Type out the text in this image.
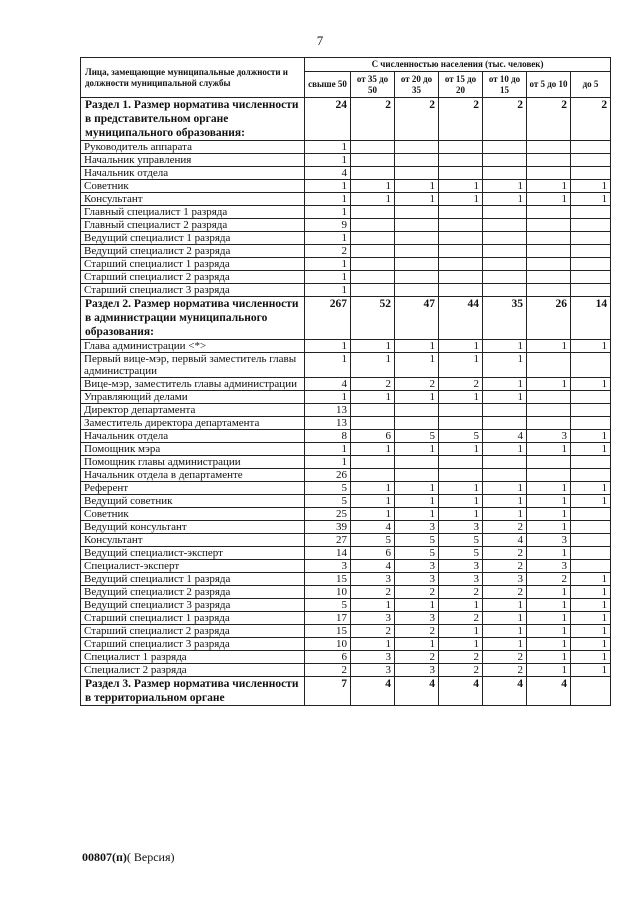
7
Лица, замещающие муниципальные должности и должности муниципальной службы	С численностью населения (тыс. человек)						
	свыше 50	от 35 до 50	от 20 до 35	от 15 до 20	от 10 до 15	от 5 до 10	до 5
Раздел 1. Размер норматива численности в представительном органе муниципального образования:	24	2	2	2	2	2	2
Руководитель аппарата	1						
Начальник управления	1						
Начальник отдела	4						
Советник	1	1	1	1	1	1	1
Консультант	1	1	1	1	1	1	1
Главный специалист 1 разряда	1						
Главный специалист 2 разряда	9						
Ведущий специалист 1 разряда	1						
Ведущий специалист 2 разряда	2						
Старший специалист 1 разряда	1						
Старший специалист 2 разряда	1						
Старший специалист 3 разряда	1						
Раздел 2. Размер норматива численности в администрации муниципального образования:	267	52	47	44	35	26	14
Глава администрации <*>	1	1	1	1	1	1	1
Первый вице-мэр, первый заместитель главы администрации	1	1	1	1	1		
Вице-мэр, заместитель главы администрации	4	2	2	2	1	1	1
Управляющий делами	1	1	1	1	1		
Директор департамента	13						
Заместитель директора департамента	13						
Начальник отдела	8	6	5	5	4	3	1
Помощник мэра	1	1	1	1	1	1	1
Помощник главы администрации	1						
Начальник отдела в департаменте	26						
Референт	5	1	1	1	1	1	1
Ведущий советник	5	1	1	1	1	1	1
Советник	25	1	1	1	1	1	
Ведущий консультант	39	4	3	3	2	1	
Консультант	27	5	5	5	4	3	
Ведущий специалист-эксперт	14	6	5	5	2	1	
Специалист-эксперт	3	4	3	3	2	3	
Ведущий специалист 1 разряда	15	3	3	3	3	2	1
Ведущий специалист 2 разряда	10	2	2	2	2	1	1
Ведущий специалист 3 разряда	5	1	1	1	1	1	1
Старший специалист 1 разряда	17	3	3	2	1	1	1
Старший специалист 2 разряда	15	2	2	1	1	1	1
Старший специалист 3 разряда	10	1	1	1	1	1	1
Специалист 1 разряда	6	3	2	2	2	1	1
Специалист 2 разряда	2	3	3	2	2	1	1
Раздел 3. Размер норматива численности в территориальном органе	7	4	4	4	4	4	
00807(п)( Версия)
